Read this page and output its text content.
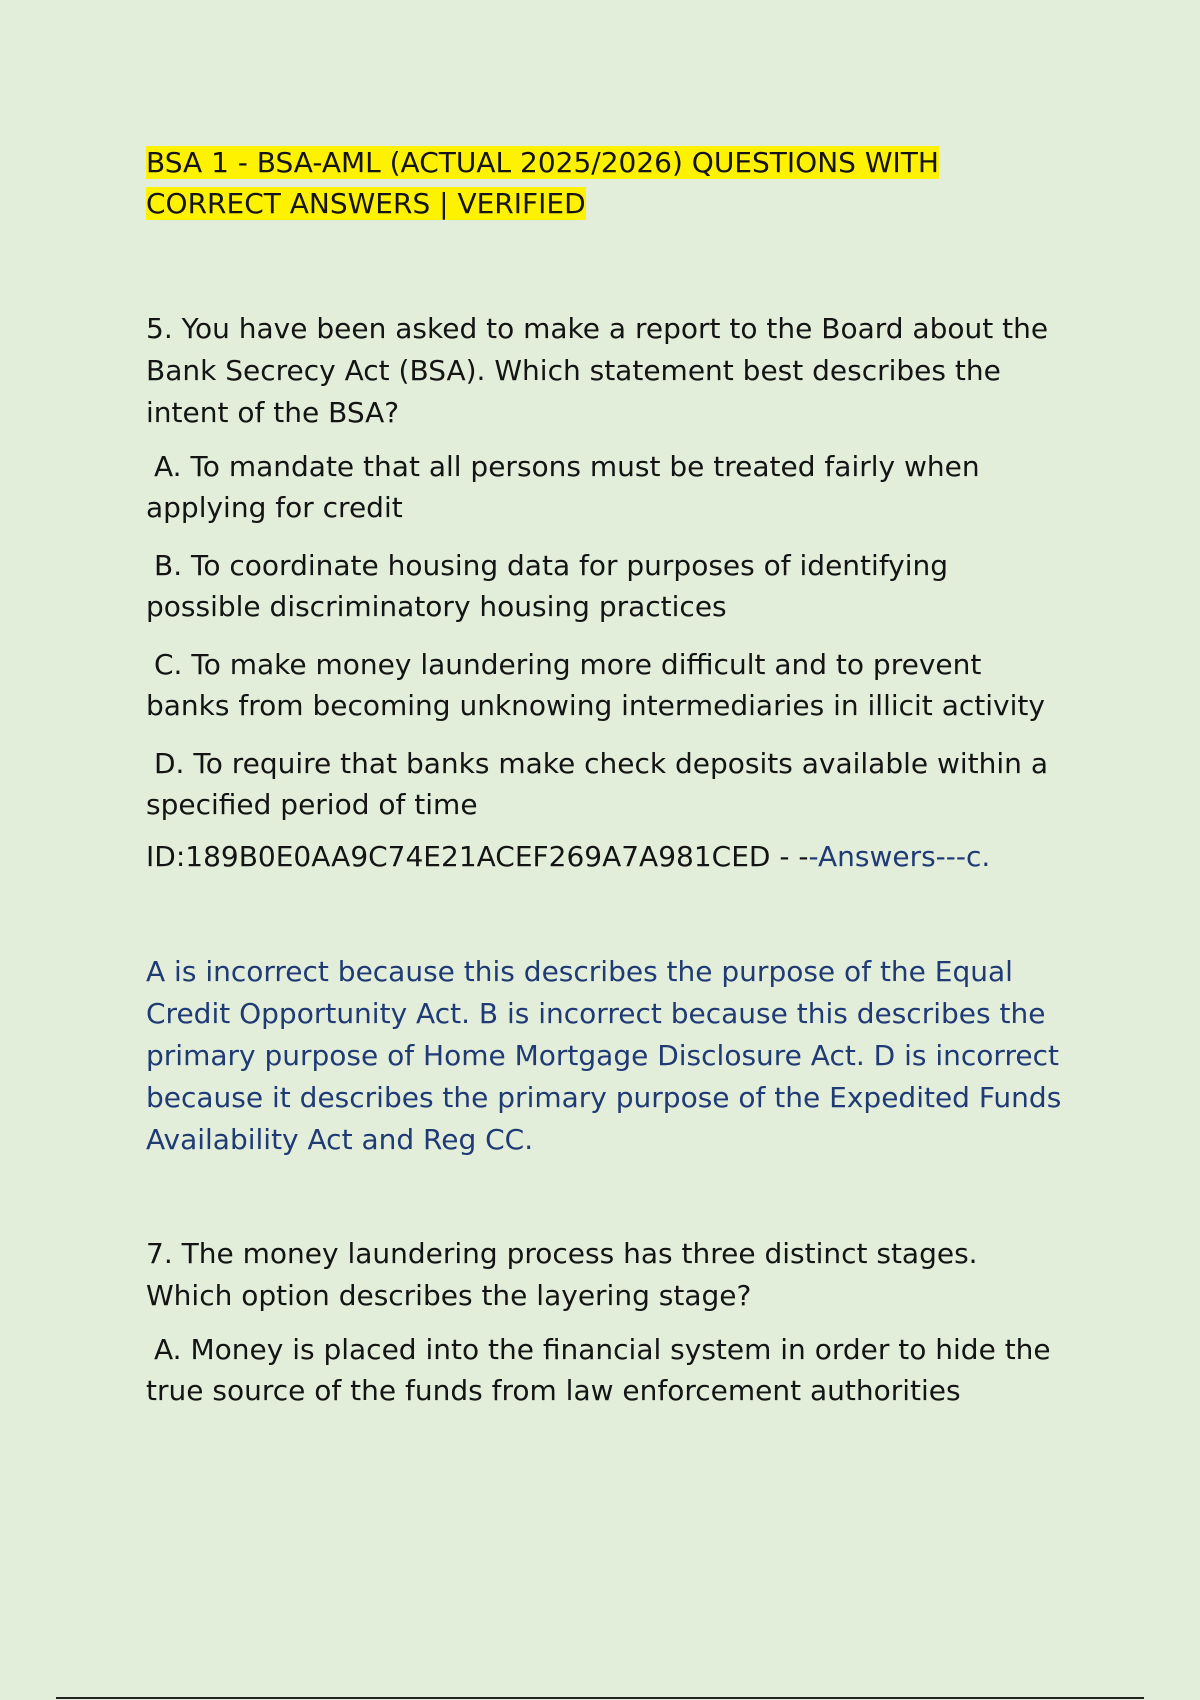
BSA 1 - BSA-AML (ACTUAL 2025/2026) QUESTIONS WITH
CORRECT ANSWERS | VERIFIED

5. You have been asked to make a report to the Board about the Bank Secrecy Act (BSA). Which statement best describes the intent of the BSA?

A. To mandate that all persons must be treated fairly when applying for credit

B. To coordinate housing data for purposes of identifying possible discriminatory housing practices

C. To make money laundering more difficult and to prevent banks from becoming unknowing intermediaries in illicit activity

D. To require that banks make check deposits available within a specified period of time

ID:189B0E0AA9C74E21ACEF269A7A981CED - --Answers---c.

A is incorrect because this describes the purpose of the Equal Credit Opportunity Act. B is incorrect because this describes the primary purpose of Home Mortgage Disclosure Act. D is incorrect because it describes the primary purpose of the Expedited Funds Availability Act and Reg CC.

7. The money laundering process has three distinct stages. Which option describes the layering stage?

A. Money is placed into the financial system in order to hide the true source of the funds from law enforcement authorities
